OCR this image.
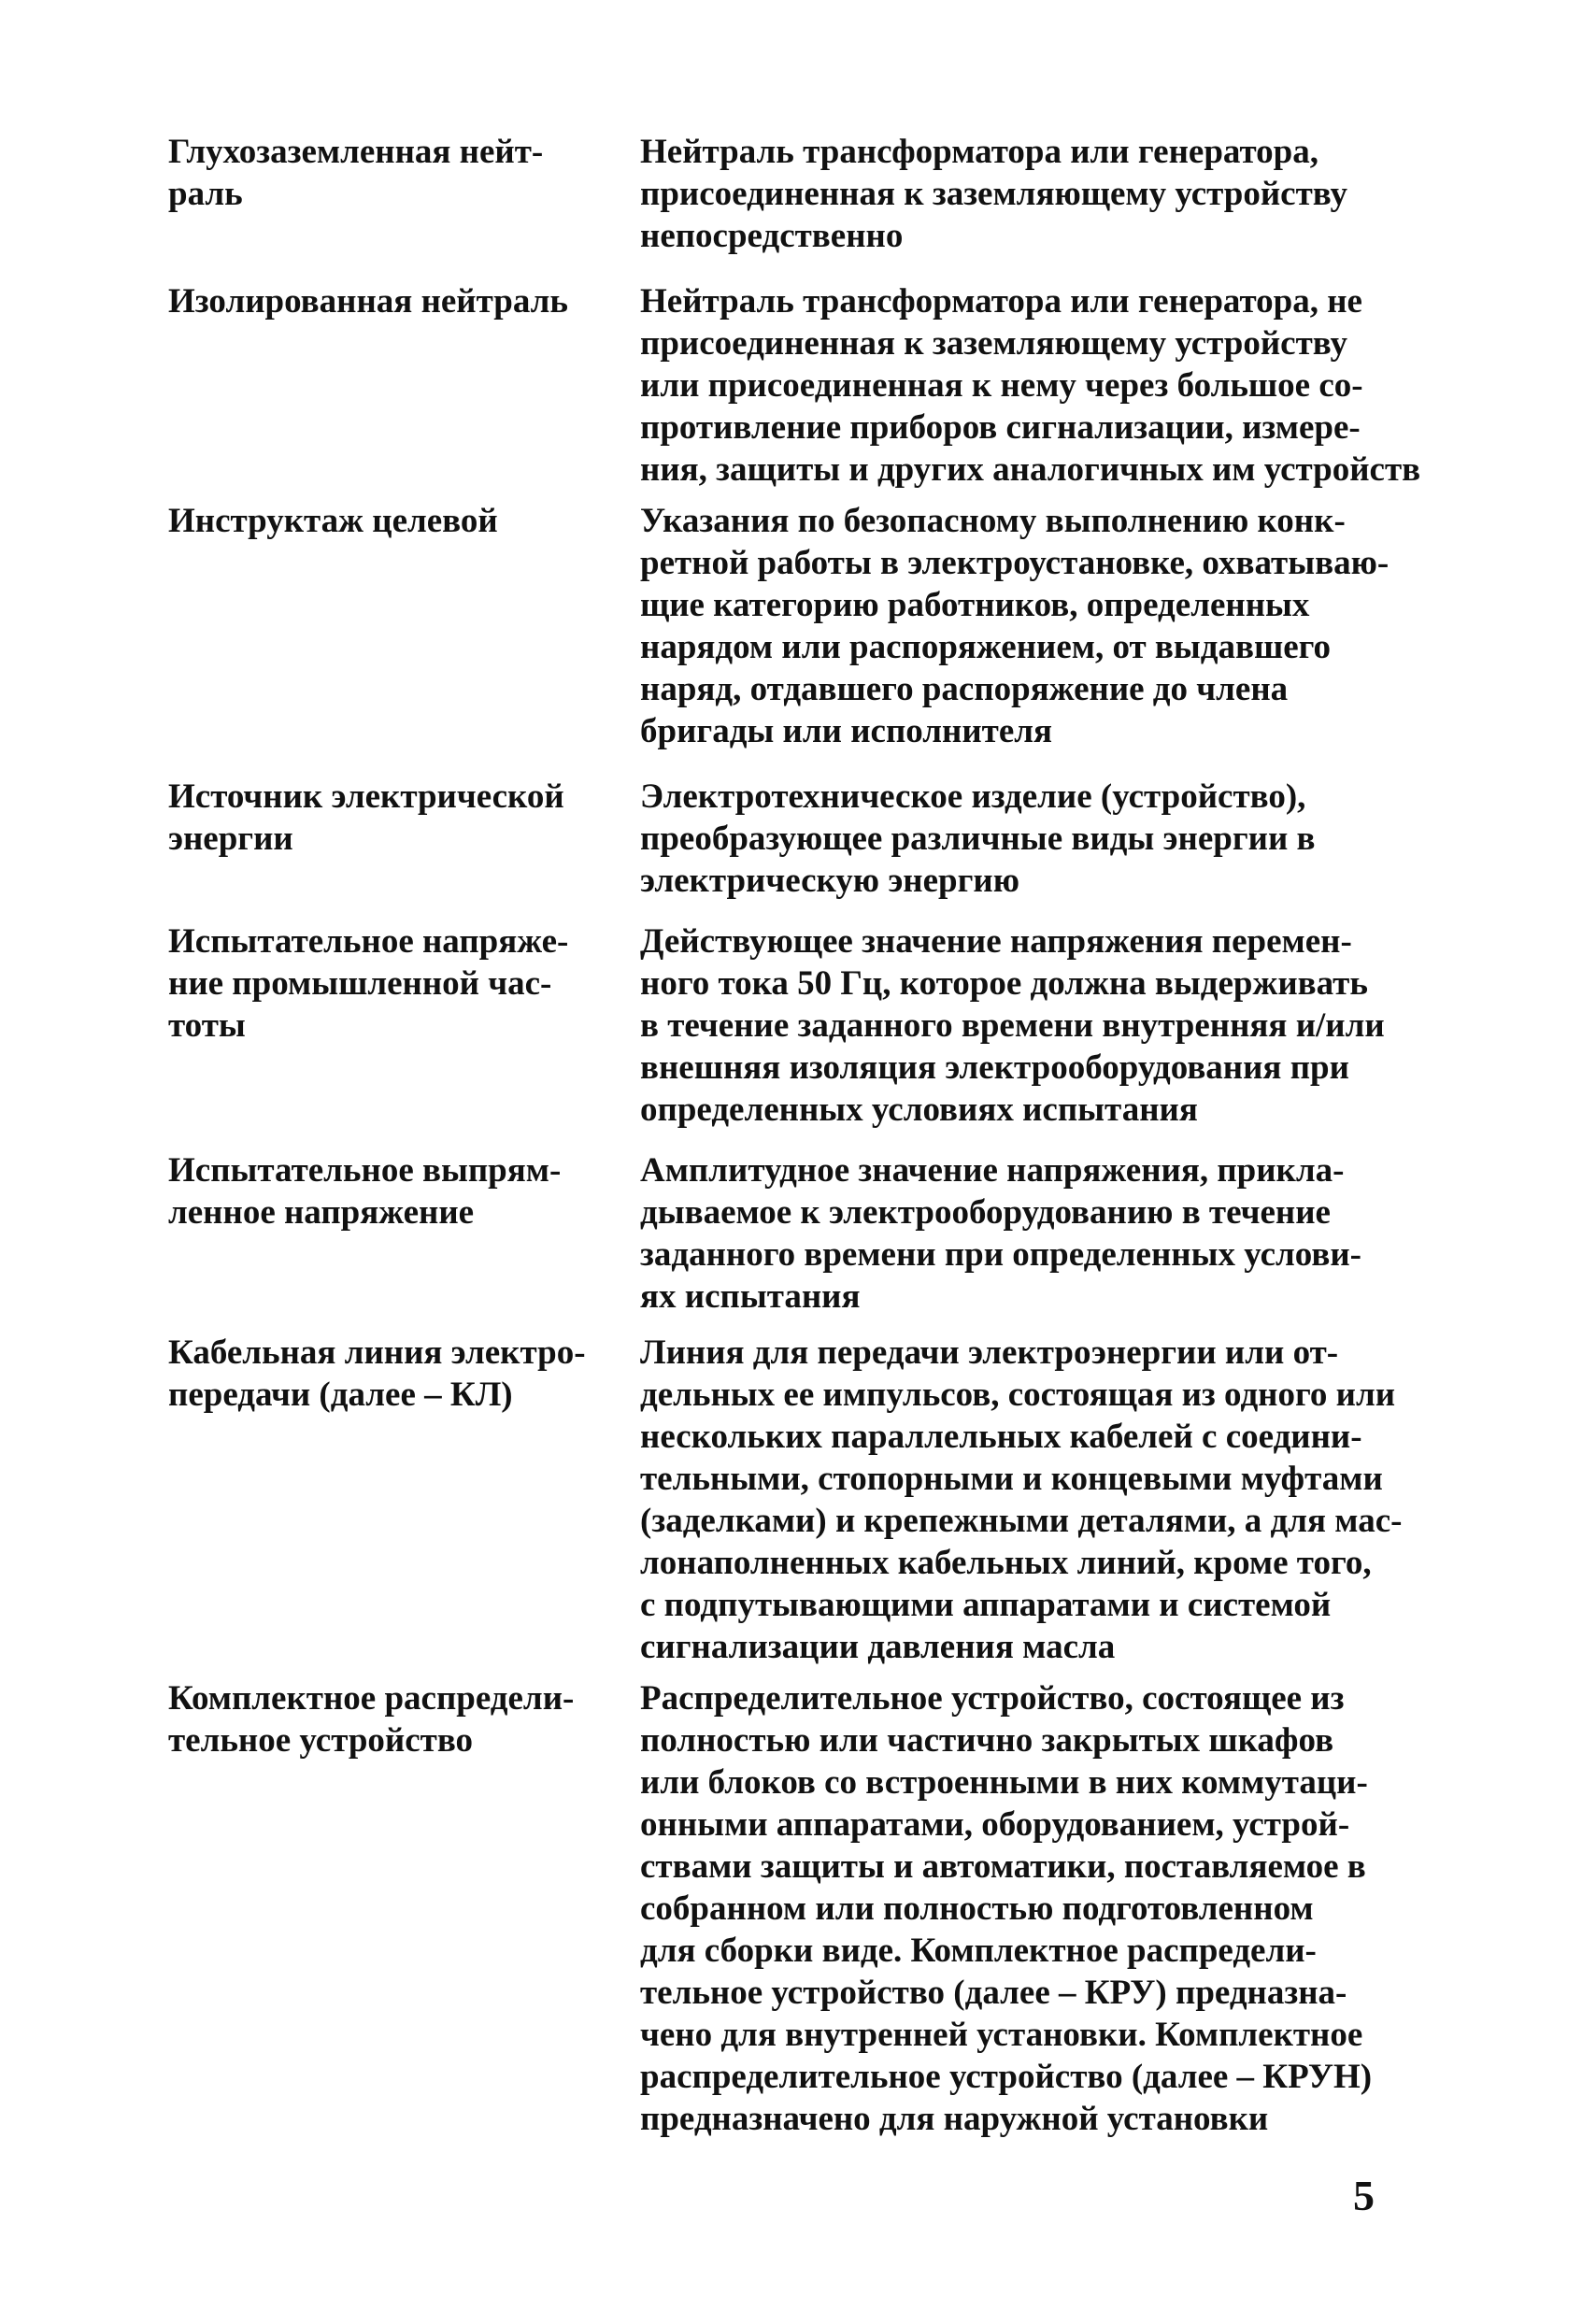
Глухозаземленная нейт-
раль
Нейтраль трансформатора или генератора,
присоединенная к заземляющему устройству
непосредственно
Изолированная нейтраль	Нейтраль трансформатора или генератора, не
присоединенная к заземляющему устройству
или присоединенная к нему через большое со-
противление приборов сигнализации, измере-
ния, защиты и других аналогичных им устройств
Инструктаж целевой	Указания по безопасному выполнению конк-
ретной работы в электроустановке, охватываю-
щие категорию работников, определенных
нарядом или распоряжением, от выдавшего
наряд, отдавшего распоряжение до члена
бригады или исполнителя
Источник электрической
энергии
Электротехническое изделие (устройство),
преобразующее различные виды энергии в
электрическую энергию
Испытательное напряже-
ние промышленной час-
тоты
Действующее значение напряжения перемен-
ного тока 50 Гц, которое должна выдерживать
в течение заданного времени внутренняя и/или
внешняя изоляция электрооборудования при
определенных условиях испытания
Испытательное выпрям-
ленное напряжение
Амплитудное значение напряжения, прикла-
дываемое к электрооборудованию в течение
заданного времени при определенных услови-
ях испытания
Кабельная линия электро-
передачи (далее – КЛ)
Линия для передачи электроэнергии или от-
дельных ее импульсов, состоящая из одного или
нескольких параллельных кабелей с соедини-
тельными, стопорными и концевыми муфтами
(заделками) и крепежными деталями, а для мас-
лонаполненных кабельных линий, кроме того,
с подпутывающими аппаратами и системой
сигнализации давления масла
Комплектное распредели-
тельное устройство
Распределительное устройство, состоящее из
полностью или частично закрытых шкафов
или блоков со встроенными в них коммутаци-
онными аппаратами, оборудованием, устрой-
ствами защиты и автоматики, поставляемое в
собранном или полностью подготовленном
для сборки виде. Комплектное распредели-
тельное устройство (далее – КРУ) предназна-
чено для внутренней установки. Комплектное
распределительное устройство (далее – КРУН)
предназначено для наружной установки
5
